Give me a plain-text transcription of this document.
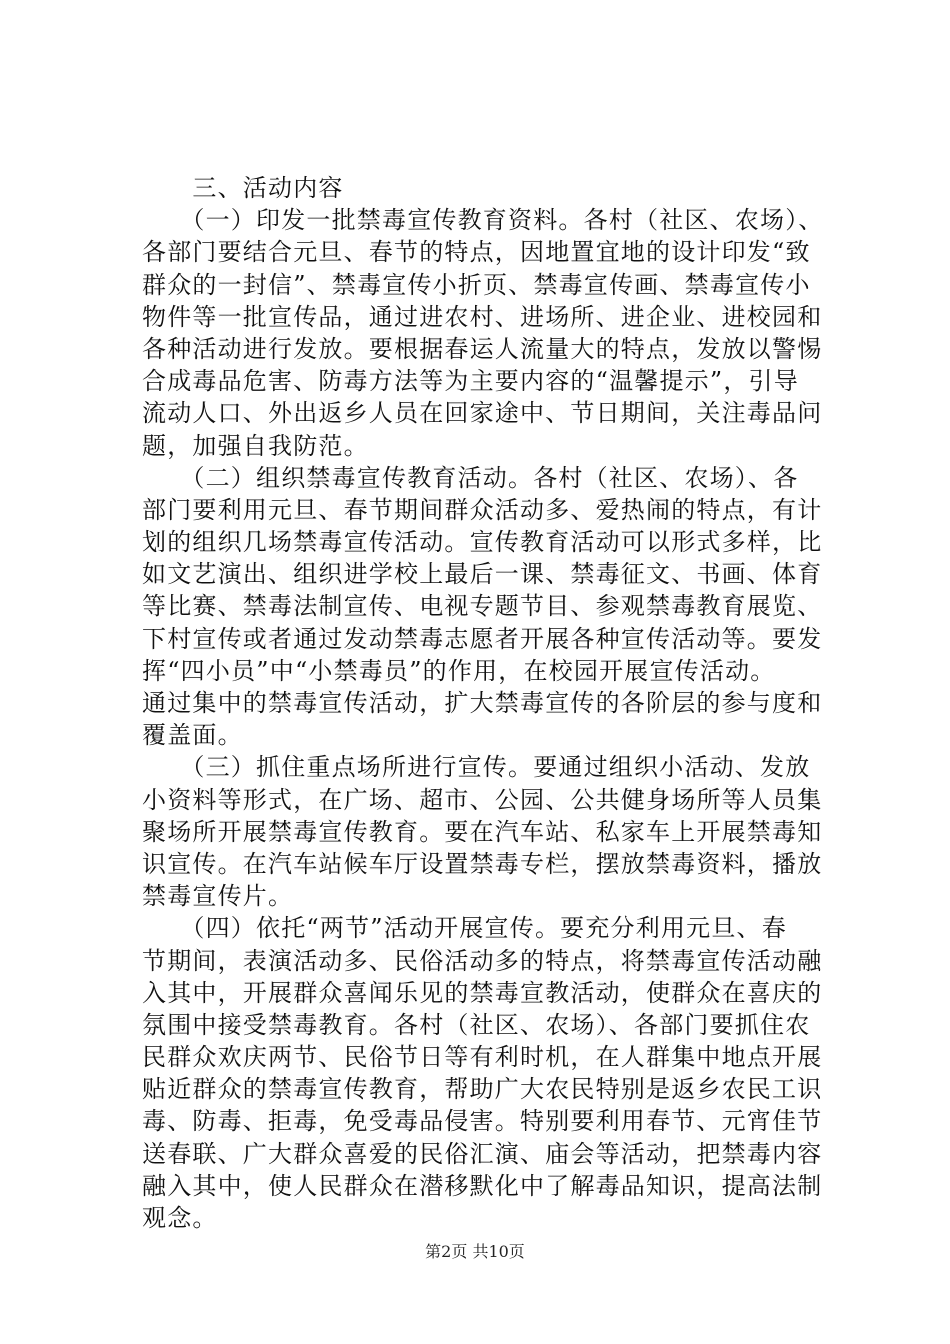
　　三、活动内容
　　（一）印发一批禁毒宣传教育资料。各村（社区、农场）、
各部门要结合元旦、春节的特点，因地置宜地的设计印发“致
群众的一封信”、禁毒宣传小折页、禁毒宣传画、禁毒宣传小
物件等一批宣传品，通过进农村、进场所、进企业、进校园和
各种活动进行发放。要根据春运人流量大的特点，发放以警惕
合成毒品危害、防毒方法等为主要内容的“温馨提示”，引导
流动人口、外出返乡人员在回家途中、节日期间，关注毒品问
题，加强自我防范。
　　（二）组织禁毒宣传教育活动。各村（社区、农场）、各
部门要利用元旦、春节期间群众活动多、爱热闹的特点，有计
划的组织几场禁毒宣传活动。宣传教育活动可以形式多样，比
如文艺演出、组织进学校上最后一课、禁毒征文、书画、体育
等比赛、禁毒法制宣传、电视专题节目、参观禁毒教育展览、
下村宣传或者通过发动禁毒志愿者开展各种宣传活动等。要发
挥“四小员”中“小禁毒员”的作用，在校园开展宣传活动。
通过集中的禁毒宣传活动，扩大禁毒宣传的各阶层的参与度和
覆盖面。
　　（三）抓住重点场所进行宣传。要通过组织小活动、发放
小资料等形式，在广场、超市、公园、公共健身场所等人员集
聚场所开展禁毒宣传教育。要在汽车站、私家车上开展禁毒知
识宣传。在汽车站候车厅设置禁毒专栏，摆放禁毒资料，播放
禁毒宣传片。
　　（四）依托“两节”活动开展宣传。要充分利用元旦、春
节期间，表演活动多、民俗活动多的特点，将禁毒宣传活动融
入其中，开展群众喜闻乐见的禁毒宣教活动，使群众在喜庆的
氛围中接受禁毒教育。各村（社区、农场）、各部门要抓住农
民群众欢庆两节、民俗节日等有利时机，在人群集中地点开展
贴近群众的禁毒宣传教育，帮助广大农民特别是返乡农民工识
毒、防毒、拒毒，免受毒品侵害。特别要利用春节、元宵佳节
送春联、广大群众喜爱的民俗汇演、庙会等活动，把禁毒内容
融入其中，使人民群众在潜移默化中了解毒品知识，提高法制
观念。
第2页 共10页
